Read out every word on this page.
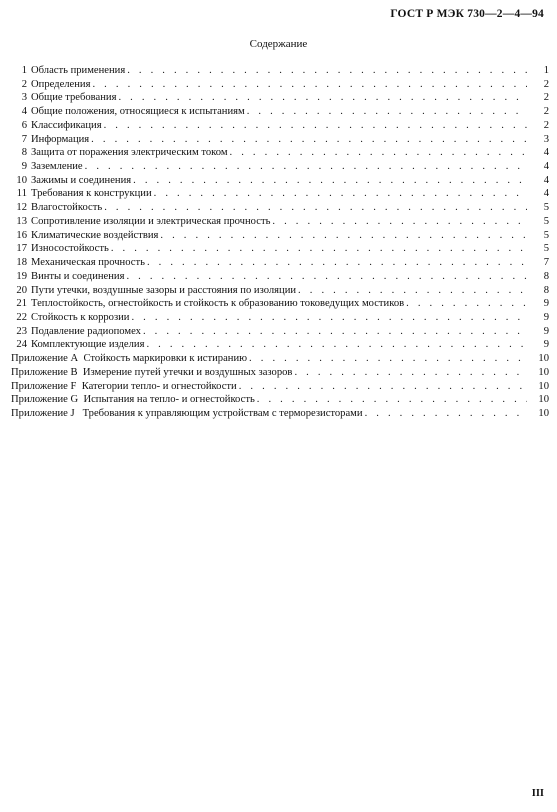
ГОСТ Р МЭК 730—2—4—94
Содержание
1 Область применения . . .	1
2 Определения . . .	2
3 Общие требования . . .	2
4 Общие положения, относящиеся к испытаниям . . .	2
6 Классификация . . .	2
7 Информация . . .	3
8 Защита от поражения электрическим током . . .	4
9 Заземление . . .	4
10 Зажимы и соединения . . .	4
11 Требования к конструкции . . .	4
12 Влагостойкость . . .	5
13 Сопротивление изоляции и электрическая прочность . . .	5
16 Климатические воздействия . . .	5
17 Износостойкость . . .	5
18 Механическая прочность . . .	7
19 Винты и соединения . . .	8
20 Пути утечки, воздушные зазоры и расстояния по изоляции . . .	8
21 Теплостойкость, огнестойкость и стойкость к образованию токоведущих мостиков . . .	9
22 Стойкость к коррозии . . .	9
23 Подавление радиопомех . . .	9
24 Комплектующие изделия . . .	9
Приложение А  Стойкость маркировки к истиранию . . .	10
Приложение В  Измерение путей утечки и воздушных зазоров . . .	10
Приложение F  Категории тепло- и огнестойкости . . .	10
Приложение G  Испытания на тепло- и огнестойкость . . .	10
Приложение J   Требования к управляющим устройствам с терморезисторами . . .	10
III
